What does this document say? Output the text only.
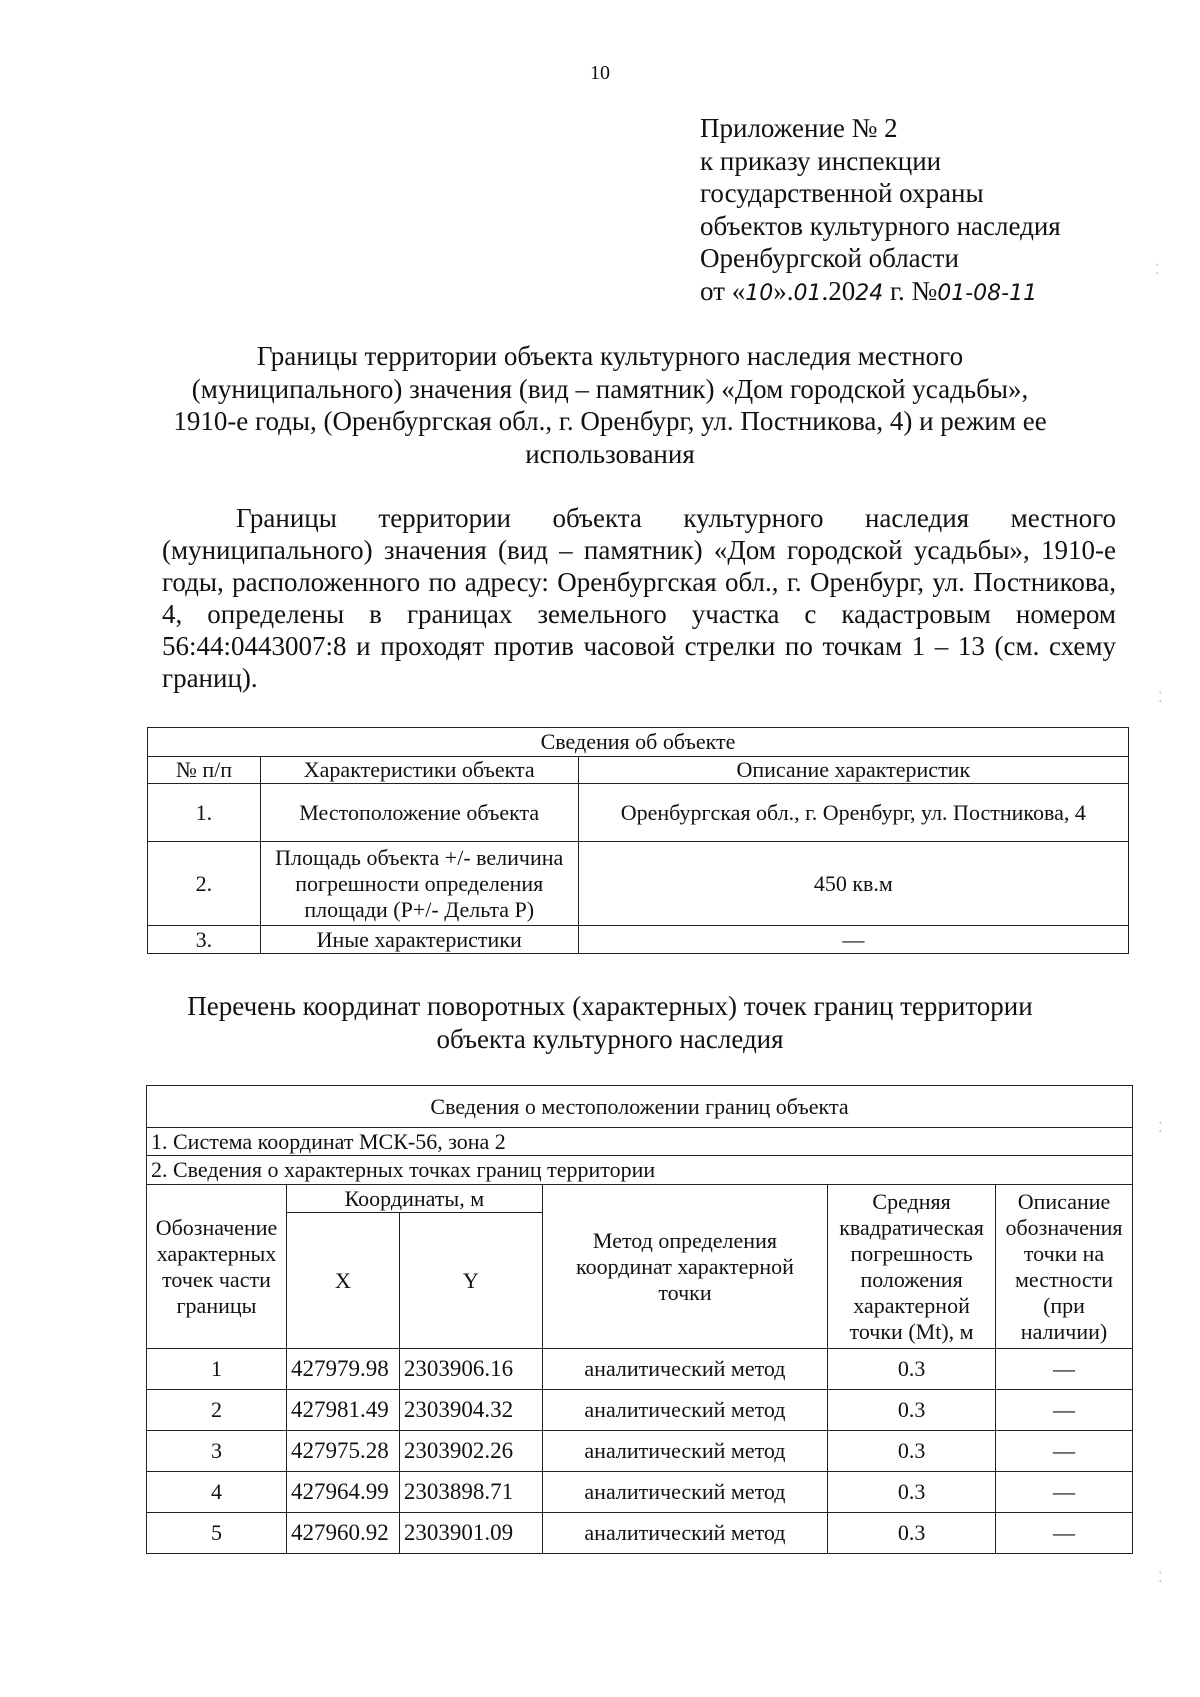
10
Приложение № 2
к приказу инспекции
государственной охраны
объектов культурного наследия
Оренбургской области
от «10».01.2024 г. №01-08-11
Границы территории объекта культурного наследия местного
(муниципального) значения (вид – памятник) «Дом городской усадьбы»,
1910-е годы, (Оренбургская обл., г. Оренбург, ул. Постникова, 4) и режим ее
использования

Границы территории объекта культурного наследия местного (муниципального) значения (вид – памятник) «Дом городской усадьбы», 1910-е годы, расположенного по адресу: Оренбургская обл., г. Оренбург, ул. Постникова, 4, определены в границах земельного участка с кадастровым номером 56:44:0443007:8 и проходят против часовой стрелки по точкам 1 – 13 (см. схему границ).

Сведения об объекте		
№ п/п	Характеристики объекта	Описание характеристик
1.	Местоположение объекта	Оренбургская обл., г. Оренбург, ул. Постникова, 4
2.	Площадь объекта +/- величина погрешности определения площади (Р+/- Дельта Р)	450 кв.м
3.	Иные характеристики	—
Перечень координат поворотных (характерных) точек границ территории
объекта культурного наследия
Сведения о местоположении границ объекта					
1. Система координат МСК-56, зона 2					
2. Сведения о характерных точках границ территории					
Обозначение характерных точек части границы	Координаты, м		Метод определения координат характерной точки	Средняя квадратическая погрешность положения характерной точки (Mt), м	Описание обозначения точки на местности (при наличии)
	X	Y			
1	427979.98	2303906.16	аналитический метод	0.3	—
2	427981.49	2303904.32	аналитический метод	0.3	—
3	427975.28	2303902.26	аналитический метод	0.3	—
4	427964.99	2303898.71	аналитический метод	0.3	—
5	427960.92	2303901.09	аналитический метод	0.3	—
⁚
⁚
⁚
⁚
